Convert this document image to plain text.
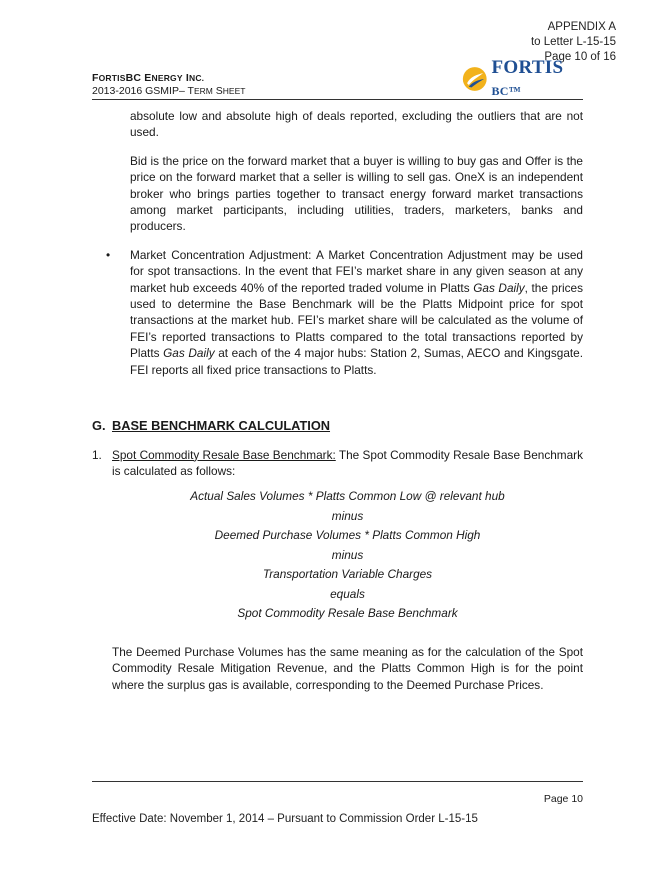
APPENDIX A
to Letter L-15-15
Page 10 of 16
FORTISBC ENERGY INC.
2013-2016 GSMIP– TERM SHEET
FORTIS BC™

absolute low and absolute high of deals reported, excluding the outliers that are not used.

Bid is the price on the forward market that a buyer is willing to buy gas and Offer is the price on the forward market that a seller is willing to sell gas. OneX is an independent broker who brings parties together to transact energy forward market transactions among market participants, including utilities, traders, marketers, banks and producers.

• Market Concentration Adjustment: A Market Concentration Adjustment may be used for spot transactions. In the event that FEI’s market share in any given season at any market hub exceeds 40% of the reported traded volume in Platts Gas Daily, the prices used to determine the Base Benchmark will be the Platts Midpoint price for spot transactions at the market hub. FEI’s market share will be calculated as the volume of FEI’s reported transactions to Platts compared to the total transactions reported by Platts Gas Daily at each of the 4 major hubs: Station 2, Sumas, AECO and Kingsgate. FEI reports all fixed price transactions to Platts.

G. BASE BENCHMARK CALCULATION
1. Spot Commodity Resale Base Benchmark: The Spot Commodity Resale Base Benchmark is calculated as follows:

Actual Sales Volumes * Platts Common Low @ relevant hub
minus
Deemed Purchase Volumes * Platts Common High
minus
Transportation Variable Charges
equals
Spot Commodity Resale Base Benchmark

The Deemed Purchase Volumes has the same meaning as for the calculation of the Spot Commodity Resale Mitigation Revenue, and the Platts Common High is for the point where the surplus gas is available, corresponding to the Deemed Purchase Prices.

Page 10
Effective Date: November 1, 2014 – Pursuant to Commission Order L-15-15
